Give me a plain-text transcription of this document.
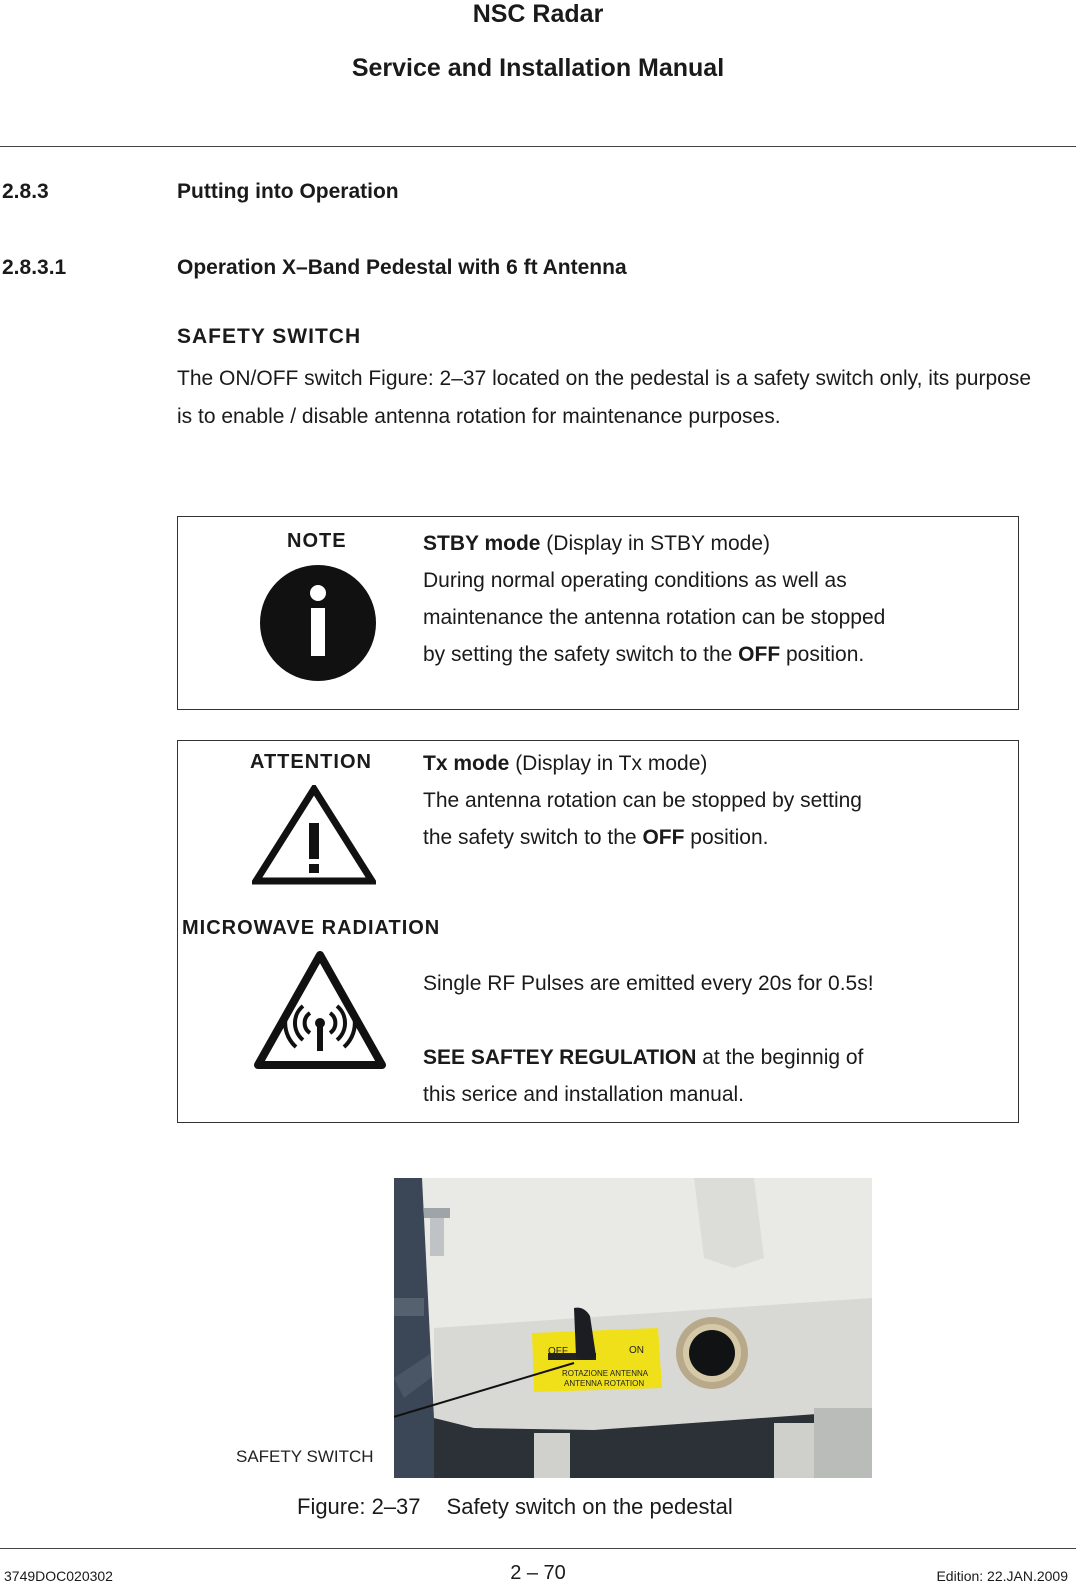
NSC Radar
Service and Installation Manual
2.8.3	Putting into Operation
2.8.3.1	Operation X–Band Pedestal with 6 ft Antenna
SAFETY SWITCH
The ON/OFF switch Figure: 2–37 located on the pedestal is a safety switch only, its purpose is to enable / disable antenna rotation for maintenance purposes.
NOTE	STBY mode (Display in STBY mode)
During normal operating conditions as well as
maintenance the antenna rotation can be stopped
by setting the safety switch to the OFF position.
ATTENTION Tx mode (Display in Tx mode)
The antenna rotation can be stopped by setting
the safety switch to the OFF position.
MICROWAVE RADIATION
Single RF Pulses are emitted every 20s for 0.5s!
SEE SAFTEY REGULATION at the beginnig of
this serice and installation manual.
OFF	ON
ROTAZIONE ANTENNA
ANTENNA ROTATION
SAFETY SWITCH
Figure: 2–37 Safety switch on the pedestal
3749DOC020302	2 – 70	Edition: 22.JAN.2009
